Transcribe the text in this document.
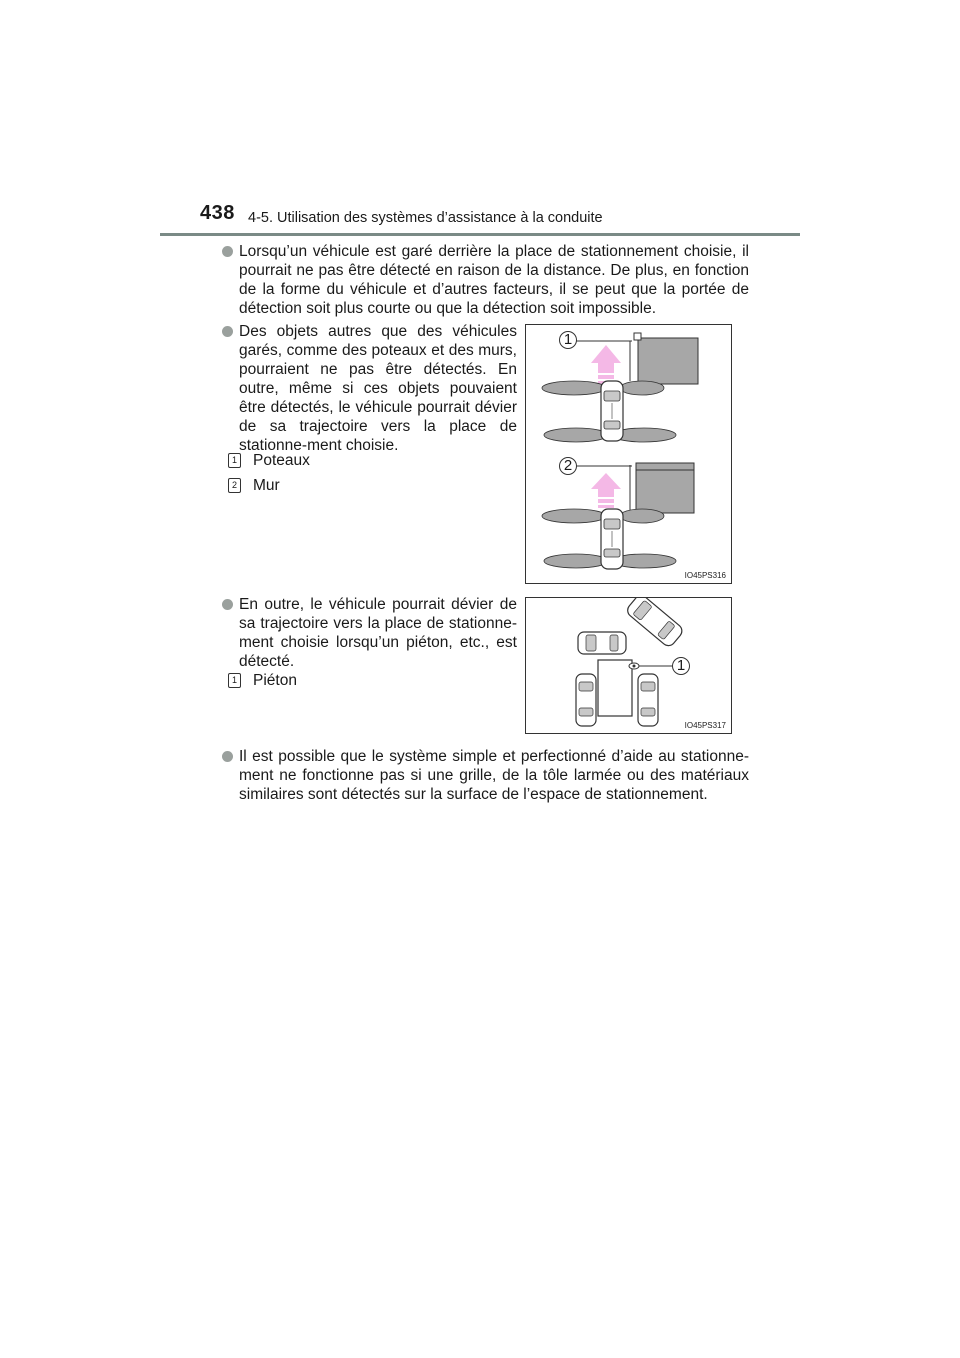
438 4-5. Utilisation des systèmes d’assistance à la conduite
Lorsqu’un véhicule est garé derrière la place de stationnement choisie, il pourrait ne pas être détecté en raison de la distance. De plus, en fonction de la forme du véhicule et d’autres facteurs, il se peut que la portée de détection soit plus courte ou que la détection soit impossible.
Des objets autres que des véhicules garés, comme des poteaux et des murs, pourraient ne pas être détectés. En outre, même si ces objets pouvaient être détectés, le véhicule pourrait dévier de sa trajectoire vers la place de stationne-ment choisie.
1 Poteaux
2 Mur
1
2
IO45PS316
En outre, le véhicule pourrait dévier de sa trajectoire vers la place de stationne-ment choisie lorsqu’un piéton, etc., est détecté.
1 Piéton
1
IO45PS317
Il est possible que le système simple et perfectionné d’aide au stationne-ment ne fonctionne pas si une grille, de la tôle larmée ou des matériaux similaires sont détectés sur la surface de l’espace de stationnement.
